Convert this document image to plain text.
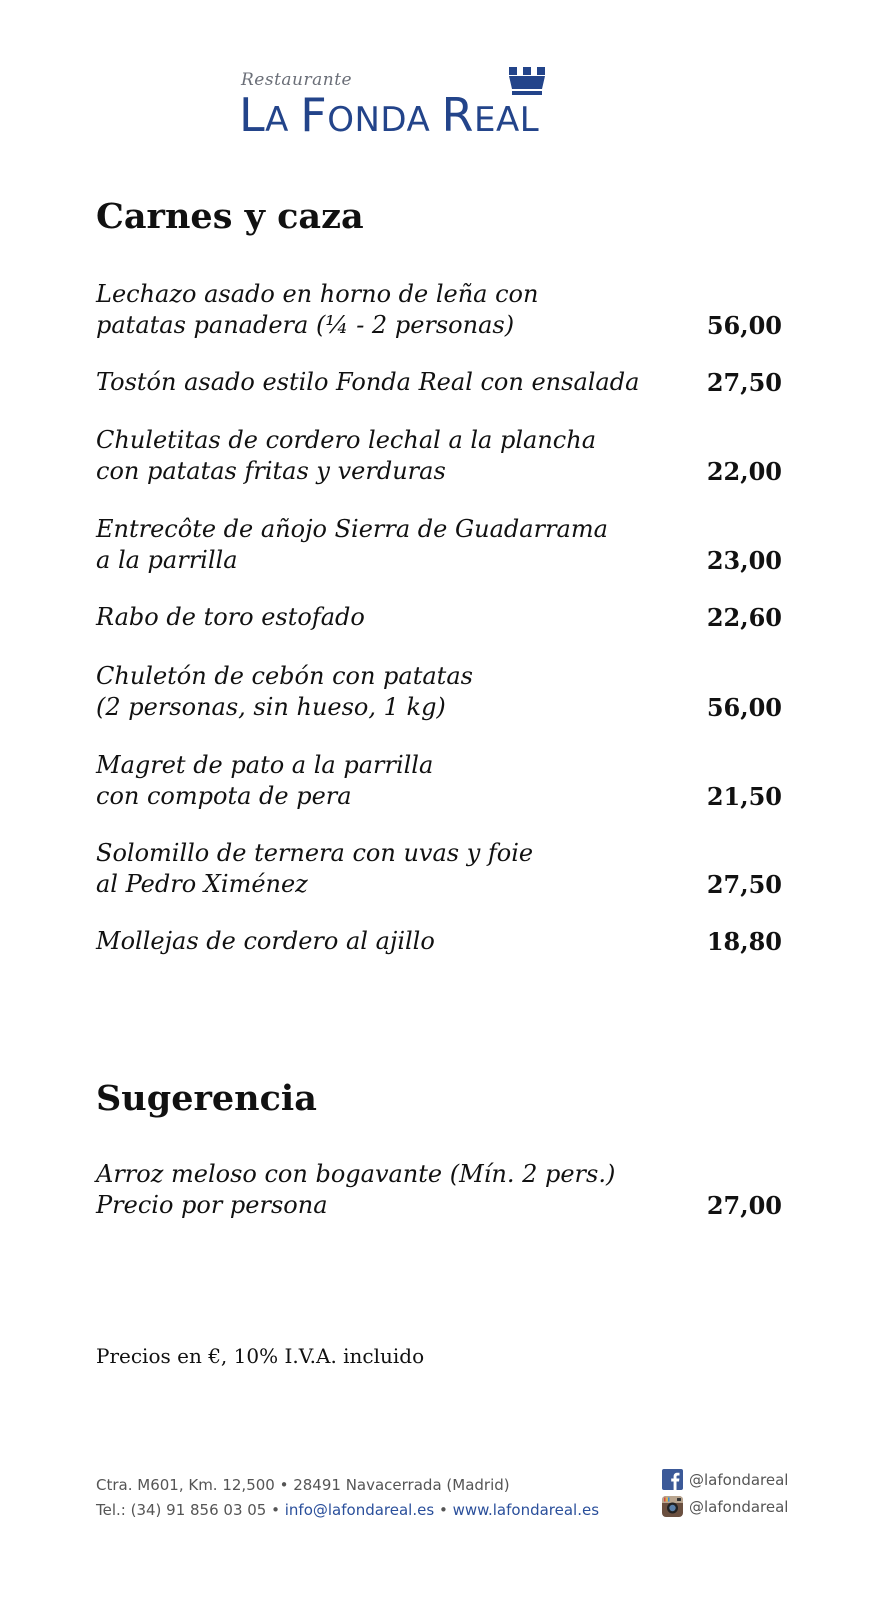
Restaurante
LA FONDA REAL
Carnes y caza
Lechazo asado en horno de leña con
patatas panadera (¼ - 2 personas)	56,00
Tostón asado estilo Fonda Real con ensalada	27,50
Chuletitas de cordero lechal a la plancha
con patatas fritas y verduras	22,00
Entrecôte de añojo Sierra de Guadarrama
a la parrilla	23,00
Rabo de toro estofado	22,60
Chuletón de cebón con patatas
(2 personas, sin hueso, 1 kg)	56,00
Magret de pato a la parrilla
con compota de pera	21,50
Solomillo de ternera con uvas y foie
al Pedro Ximénez	27,50
Mollejas de cordero al ajillo	18,80
Sugerencia
Arroz meloso con bogavante (Mín. 2 pers.)
Precio por persona	27,00
Precios en €, 10% I.V.A. incluido
Ctra. M601, Km. 12,500 • 28491 Navacerrada (Madrid)
Tel.: (34) 91 856 03 05 • info@lafondareal.es • www.lafondareal.es
@lafondareal
@lafondareal
